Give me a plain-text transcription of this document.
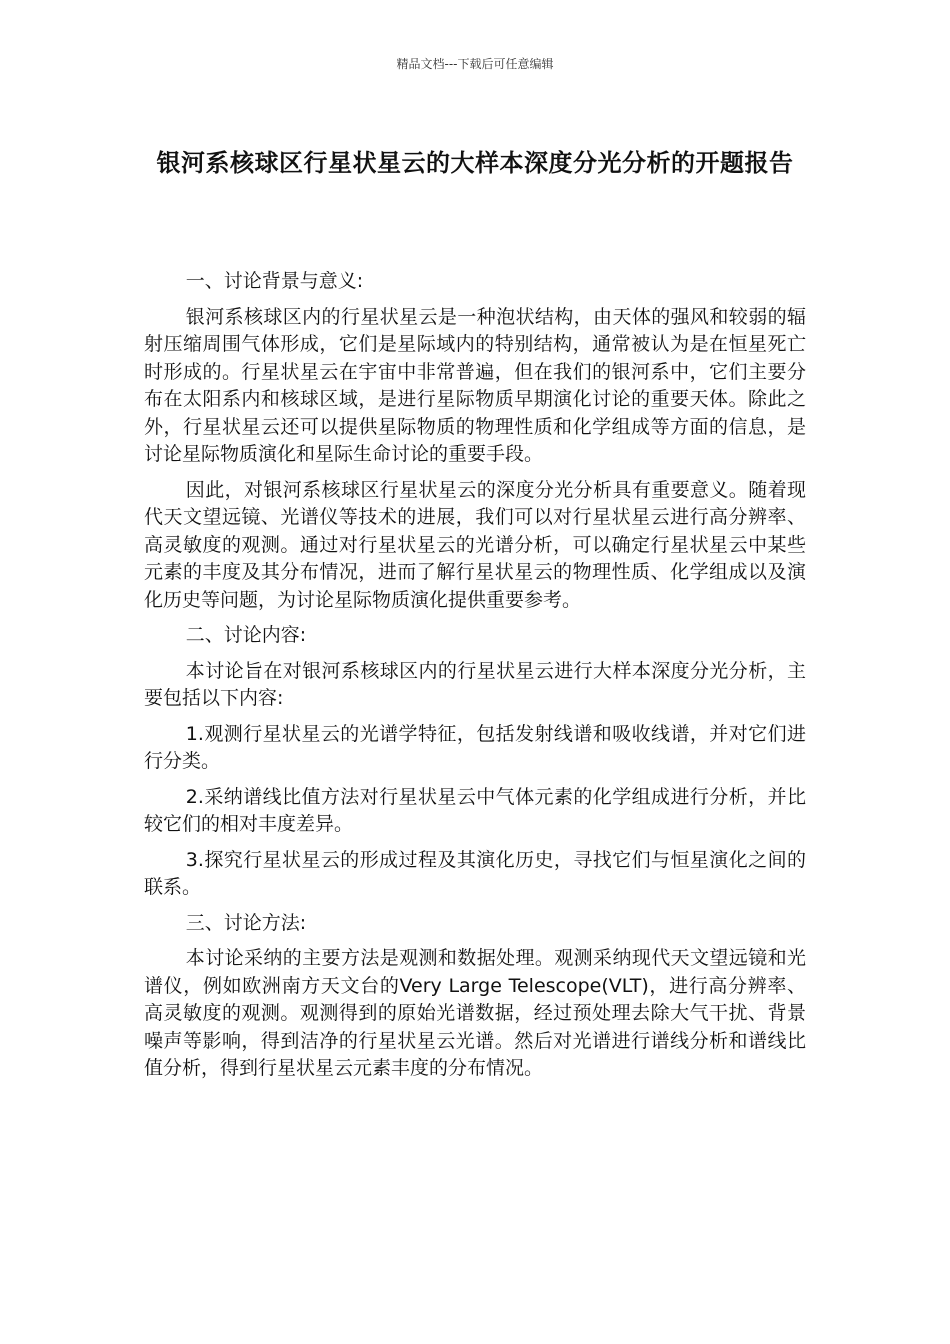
精品文档---下载后可任意编辑
银河系核球区行星状星云的大样本深度分光分析的开题报告

一、讨论背景与意义:

银河系核球区内的行星状星云是一种泡状结构，由天体的强风和较弱的辐射压缩周围气体形成，它们是星际域内的特别结构，通常被认为是在恒星死亡时形成的。行星状星云在宇宙中非常普遍，但在我们的银河系中，它们主要分布在太阳系内和核球区域，是进行星际物质早期演化讨论的重要天体。除此之外，行星状星云还可以提供星际物质的物理性质和化学组成等方面的信息，是讨论星际物质演化和星际生命讨论的重要手段。

因此，对银河系核球区行星状星云的深度分光分析具有重要意义。随着现代天文望远镜、光谱仪等技术的进展，我们可以对行星状星云进行高分辨率、高灵敏度的观测。通过对行星状星云的光谱分析，可以确定行星状星云中某些元素的丰度及其分布情况，进而了解行星状星云的物理性质、化学组成以及演化历史等问题，为讨论星际物质演化提供重要参考。

二、讨论内容:

本讨论旨在对银河系核球区内的行星状星云进行大样本深度分光分析，主要包括以下内容:

1.观测行星状星云的光谱学特征，包括发射线谱和吸收线谱，并对它们进行分类。

2.采纳谱线比值方法对行星状星云中气体元素的化学组成进行分析，并比较它们的相对丰度差异。

3.探究行星状星云的形成过程及其演化历史，寻找它们与恒星演化之间的联系。

三、讨论方法:

本讨论采纳的主要方法是观测和数据处理。观测采纳现代天文望远镜和光谱仪，例如欧洲南方天文台的Very Large Telescope(VLT)，进行高分辨率、高灵敏度的观测。观测得到的原始光谱数据，经过预处理去除大气干扰、背景噪声等影响，得到洁净的行星状星云光谱。然后对光谱进行谱线分析和谱线比值分析，得到行星状星云元素丰度的分布情况。
